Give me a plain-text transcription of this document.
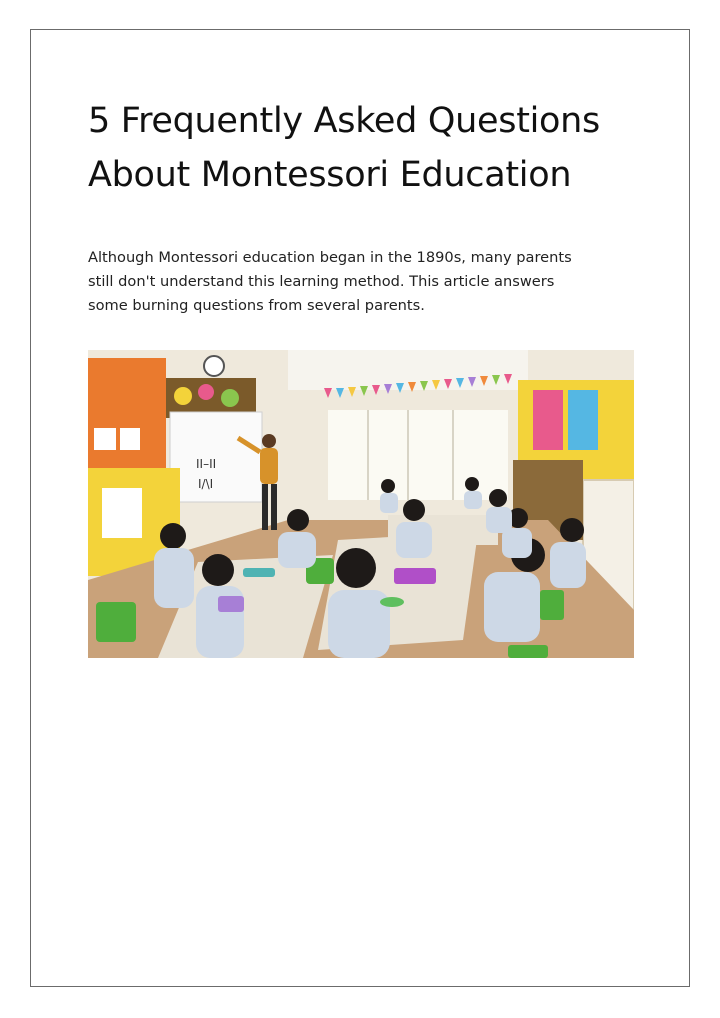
5 Frequently Asked Questions
About Montessori Education

Although Montessori education began in the 1890s, many parents
still don't understand this learning method. This article answers
some burning questions from several parents.

II–II
I/\I
